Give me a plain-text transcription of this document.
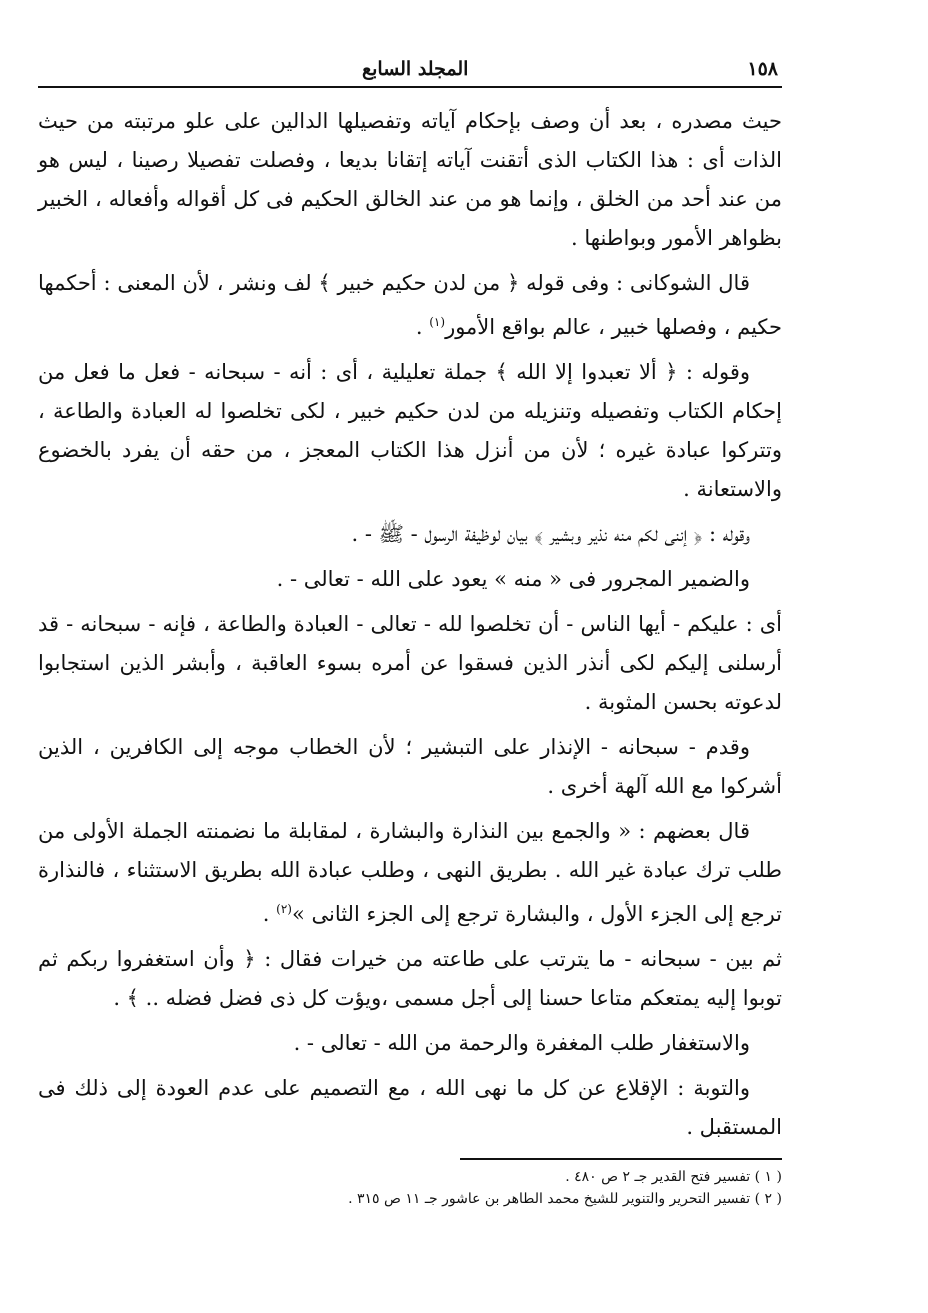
١٥٨
المجلد السابع

حيث مصدره ، بعد أن وصف بإحكام آياته وتفصيلها الدالين على علو مرتبته من حيث الذات أى : هذا الكتاب الذى أتقنت آياته إتقانا بديعا ، وفصلت تفصيلا رصينا ، ليس هو من عند أحد من الخلق ، وإنما هو من عند الخالق الحكيم فى كل أقواله وأفعاله ، الخبير بظواهر الأمور وبواطنها .

قال الشوكانى : وفى قوله ﴿ من لدن حكيم خبير ﴾ لف ونشر ، لأن المعنى : أحكمها حكيم ، وفصلها خبير ، عالم بواقع الأمور$^{(١)}$ .

وقوله : ﴿ ألا تعبدوا إلا الله ﴾ جملة تعليلية ، أى : أنه - سبحانه - فعل ما فعل من إحكام الكتاب وتفصيله وتنزيله من لدن حكيم خبير ، لكى تخلصوا له العبادة والطاعة ، وتتركوا عبادة غيره ؛ لأن من أنزل هذا الكتاب المعجز ، من حقه أن يفرد بالخضوع والاستعانة .

وقوله : ﴿ إننى لكم منه نذير وبشير ﴾ بيان لوظيفة الرسول - ﷺ - .

والضمير المجرور فى « منه » يعود على الله - تعالى - .

أى : عليكم - أيها الناس - أن تخلصوا لله - تعالى - العبادة والطاعة ، فإنه - سبحانه - قد أرسلنى إليكم لكى أنذر الذين فسقوا عن أمره بسوء العاقبة ، وأبشر الذين استجابوا لدعوته بحسن المثوبة .

وقدم - سبحانه - الإنذار على التبشير ؛ لأن الخطاب موجه إلى الكافرين ، الذين أشركوا مع الله آلهة أخرى .

قال بعضهم : « والجمع بين النذارة والبشارة ، لمقابلة ما نضمنته الجملة الأولى من طلب ترك عبادة غير الله . بطريق النهى ، وطلب عبادة الله بطريق الاستثناء ، فالنذارة ترجع إلى الجزء الأول ، والبشارة ترجع إلى الجزء الثانى »$^{(٢)}$ .

ثم بين - سبحانه - ما يترتب على طاعته من خيرات فقال : ﴿ وأن استغفروا ربكم ثم توبوا إليه يمتعكم متاعا حسنا إلى أجل مسمى ،ويؤت كل ذى فضل فضله .. ﴾ .

والاستغفار طلب المغفرة والرحمة من الله - تعالى - .

والتوبة : الإقلاع عن كل ما نهى الله ، مع التصميم على عدم العودة إلى ذلك فى المستقبل .

( ١ ) تفسير فتح القدير جـ ٢ ص ٤٨٠ .

( ٢ ) تفسير التحرير والتنوير للشيخ محمد الطاهر بن عاشور جـ ١١ ص ٣١٥ .
